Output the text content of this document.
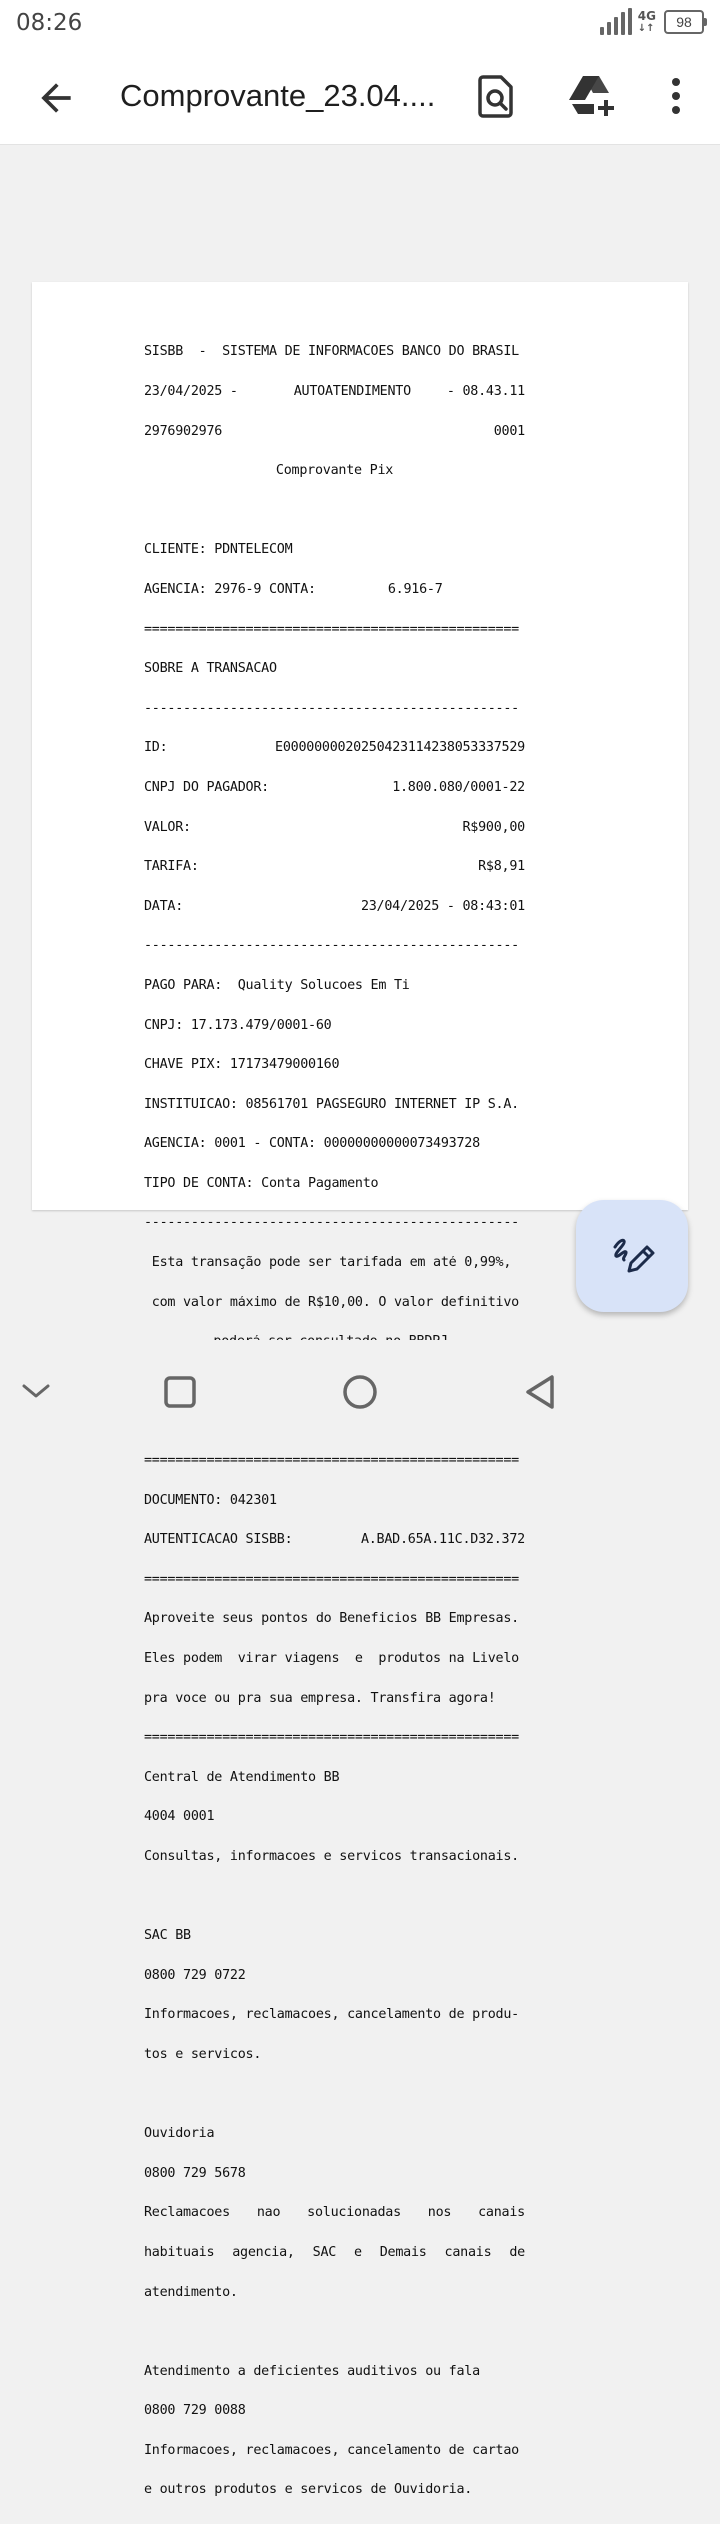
08:26	4G
↓↑	98
Comprovante_23.04....

SISBB  -  SISTEMA DE INFORMACOES BANCO DO BRASIL

23/04/2025 -	AUTOATENDIMENTO	- 08.43.11

2976902976	0001

Comprovante Pix

CLIENTE: PDNTELECOM

AGENCIA: 2976-9 CONTA:	6.916-7

================================================

SOBRE A TRANSACAO

------------------------------------------------

ID:	E0000000020250423114238053337529

CNPJ DO PAGADOR:	1.800.080/0001-22

VALOR:	R$900,00

TARIFA:	R$8,91

DATA:	23/04/2025 - 08:43:01

------------------------------------------------

PAGO PARA:  Quality Solucoes Em Ti

CNPJ: 17.173.479/0001-60

CHAVE PIX: 17173479000160

INSTITUICAO: 08561701 PAGSEGURO INTERNET IP S.A.

AGENCIA: 0001 - CONTA: 00000000000073493728

TIPO DE CONTA: Conta Pagamento

------------------------------------------------

Esta transação pode ser tarifada em até 0,99%,

com valor máximo de R$10,00. O valor definitivo

================================================

DOCUMENTO: 042301

AUTENTICACAO SISBB:	A.BAD.65A.11C.D32.372

================================================

Aproveite seus pontos do Beneficios BB Empresas.

Eles podem  virar viagens  e  produtos na Livelo

pra voce ou pra sua empresa. Transfira agora!

================================================

Central de Atendimento BB

4004 0001

Consultas, informacoes e servicos transacionais.

SAC BB

0800 729 0722

Informacoes, reclamacoes, cancelamento de produ-

tos e servicos.

Ouvidoria

0800 729 5678

Reclamacoes nao solucionadas nos canais

habituais agencia, SAC e Demais canais de

atendimento.

Atendimento a deficientes auditivos ou fala

0800 729 0088

Informacoes, reclamacoes, cancelamento de cartao

e outros produtos e servicos de Ouvidoria.
